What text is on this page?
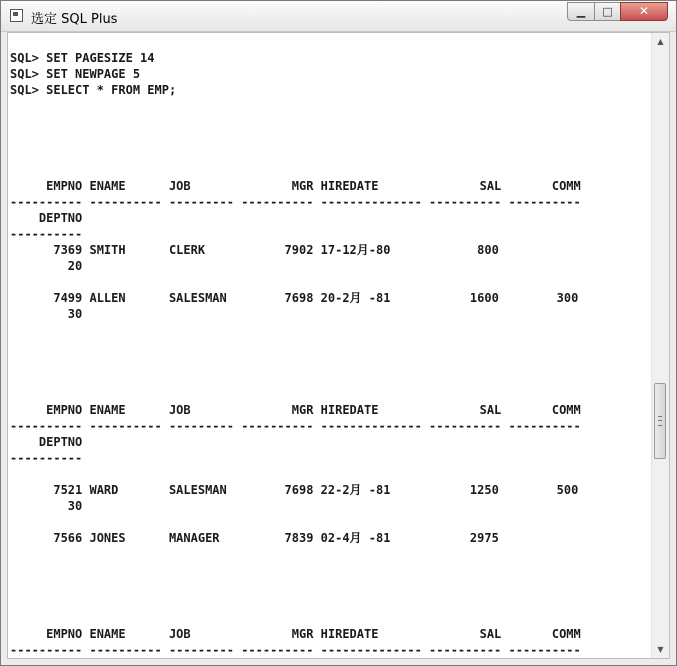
选定 SQL Plus
▁	□	✕
SQL> SET PAGESIZE 14
SQL> SET NEWPAGE 5
SQL> SELECT * FROM EMP;
EMPNO ENAME      JOB              MGR HIREDATE              SAL       COMM
---------- ---------- --------- ---------- -------------- ---------- ----------
DEPTNO
----------
7369 SMITH      CLERK           7902 17-12月-80            800
20
7499 ALLEN      SALESMAN        7698 20-2月 -81           1600        300
30
EMPNO ENAME      JOB              MGR HIREDATE              SAL       COMM
---------- ---------- --------- ---------- -------------- ---------- ----------
DEPTNO
----------
7521 WARD       SALESMAN        7698 22-2月 -81           1250        500
30
7566 JONES      MANAGER         7839 02-4月 -81           2975
EMPNO ENAME      JOB              MGR HIREDATE              SAL       COMM
---------- ---------- --------- ---------- -------------- ---------- ----------
▲
▼
